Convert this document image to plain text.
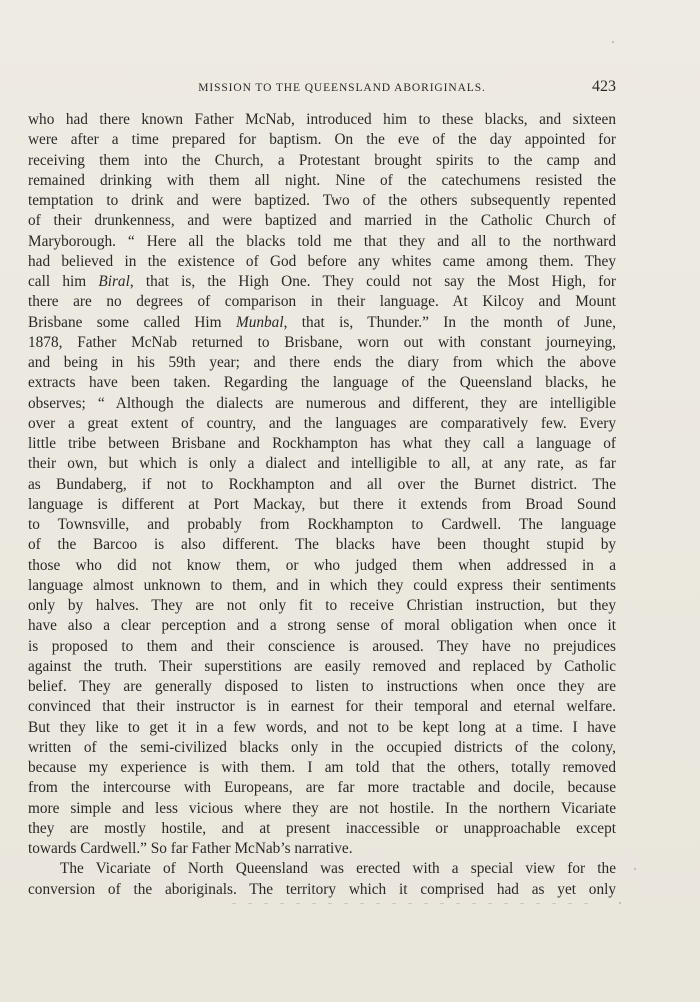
MISSION TO THE QUEENSLAND ABORIGINALS.	423
who had there known Father McNab, introduced him to these blacks, and sixteen
were after a time prepared for baptism. On the eve of the day appointed for
receiving them into the Church, a Protestant brought spirits to the camp and
remained drinking with them all night. Nine of the catechumens resisted the
temptation to drink and were baptized. Two of the others subsequently repented
of their drunkenness, and were baptized and married in the Catholic Church of
Maryborough. “ Here all the blacks told me that they and all to the northward
had believed in the existence of God before any whites came among them. They
call him Biral, that is, the High One. They could not say the Most High, for
there are no degrees of comparison in their language. At Kilcoy and Mount
Brisbane some called Him Munbal, that is, Thunder.” In the month of June,
1878, Father McNab returned to Brisbane, worn out with constant journeying,
and being in his 59th year; and there ends the diary from which the above
extracts have been taken. Regarding the language of the Queensland blacks, he
observes; “ Although the dialects are numerous and different, they are intelligible
over a great extent of country, and the languages are comparatively few. Every
little tribe between Brisbane and Rockhampton has what they call a language of
their own, but which is only a dialect and intelligible to all, at any rate, as far
as Bundaberg, if not to Rockhampton and all over the Burnet district. The
language is different at Port Mackay, but there it extends from Broad Sound
to Townsville, and probably from Rockhampton to Cardwell. The language
of the Barcoo is also different. The blacks have been thought stupid by
those who did not know them, or who judged them when addressed in a
language almost unknown to them, and in which they could express their sentiments
only by halves. They are not only fit to receive Christian instruction, but they
have also a clear perception and a strong sense of moral obligation when once it
is proposed to them and their conscience is aroused. They have no prejudices
against the truth. Their superstitions are easily removed and replaced by Catholic
belief. They are generally disposed to listen to instructions when once they are
convinced that their instructor is in earnest for their temporal and eternal welfare.
But they like to get it in a few words, and not to be kept long at a time. I have
written of the semi-civilized blacks only in the occupied districts of the colony,
because my experience is with them. I am told that the others, totally removed
from the intercourse with Europeans, are far more tractable and docile, because
more simple and less vicious where they are not hostile. In the northern Vicariate
they are mostly hostile, and at present inaccessible or unapproachable except
towards Cardwell.” So far Father McNab’s narrative.
The Vicariate of North Queensland was erected with a special view for the
conversion of the aboriginals. The territory which it comprised had as yet only
